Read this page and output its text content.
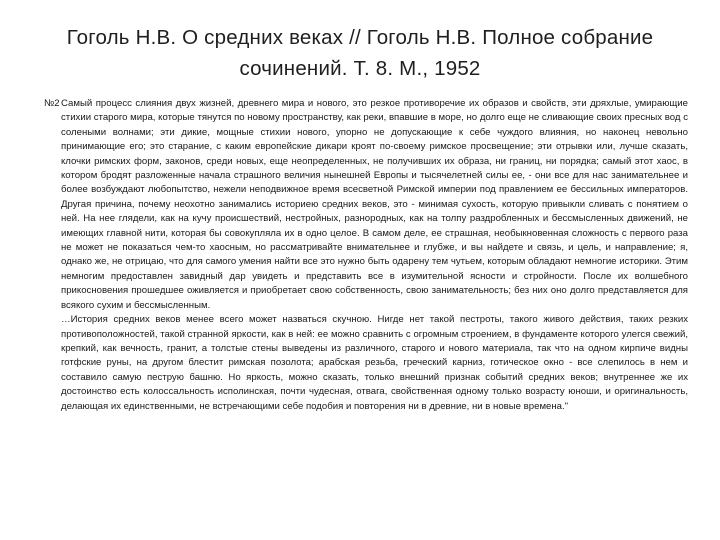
Гоголь Н.В. О средних веках // Гоголь Н.В. Полное собрание сочинений. Т. 8. М., 1952
№2 Самый процесс слияния двух жизней, древнего мира и нового, это резкое противоречие их образов и свойств, эти дряхлые, умирающие стихии старого мира, которые тянутся по новому пространству, как реки, впавшие в море, но долго еще не сливающие своих пресных вод с солеными волнами; эти дикие, мощные стихии нового, упорно не допускающие к себе чуждого влияния, но наконец невольно принимающие его; это старание, с каким европейские дикари кроят по-своему римское просвещение; эти отрывки или, лучше сказать, клочки римских форм, законов, среди новых, еще неопределенных, не получивших их образа, ни границ, ни порядка; самый этот хаос, в котором бродят разложенные начала страшного величия нынешней Европы и тысячелетней силы ее, - они все для нас занимательнее и более возбуждают любопытство, нежели неподвижное время всесветной Римской империи под правлением ее бессильных императоров. Другая причина, почему неохотно занимались историею средних веков, это - минимая сухость, которую привыкли сливать с понятием о ней. На нее глядели, как на кучу происшествий, нестройных, разнородных, как на толпу раздробленных и бессмысленных движений, не имеющих главной нити, которая бы совокупляла их в одно целое. В самом деле, ее страшная, необыкновенная сложность с первого раза не может не показаться чем-то хаосным, но рассматривайте внимательнее и глубже, и вы найдете и связь, и цель, и направление; я, однако же, не отрицаю, что для самого умения найти все это нужно быть одарену тем чутьем, которым обладают немногие историки. Этим немногим предоставлен завидный дар увидеть и представить все в изумительной ясности и стройности. После их волшебного прикосновения прошедшее оживляется и приобретает свою собственность, свою занимательность; без них оно долго представляется для всякого сухим и бессмысленным.

…История средних веков менее всего может назваться скучною. Нигде нет такой пестроты, такого живого действия, таких резких противоположностей, такой странной яркости, как в ней: ее можно сравнить с огромным строением, в фундаменте которого улегся свежий, крепкий, как вечность, гранит, а толстые стены выведены из различного, старого и нового материала, так что на одном кирпиче видны готфские руны, на другом блестит римская позолота; арабская резьба, греческий карниз, готическое окно - все слепилось в нем и составило самую пеструю башню. Но яркость, можно сказать, только внешний признак событий средних веков; внутреннее же их достоинство есть колоссальность исполинская, почти чудесная, отвага, свойственная одному только возрасту юноши, и оригинальность, делающая их единственными, не встречающими себе подобия и повторения ни в древние, ни в новые времена."
